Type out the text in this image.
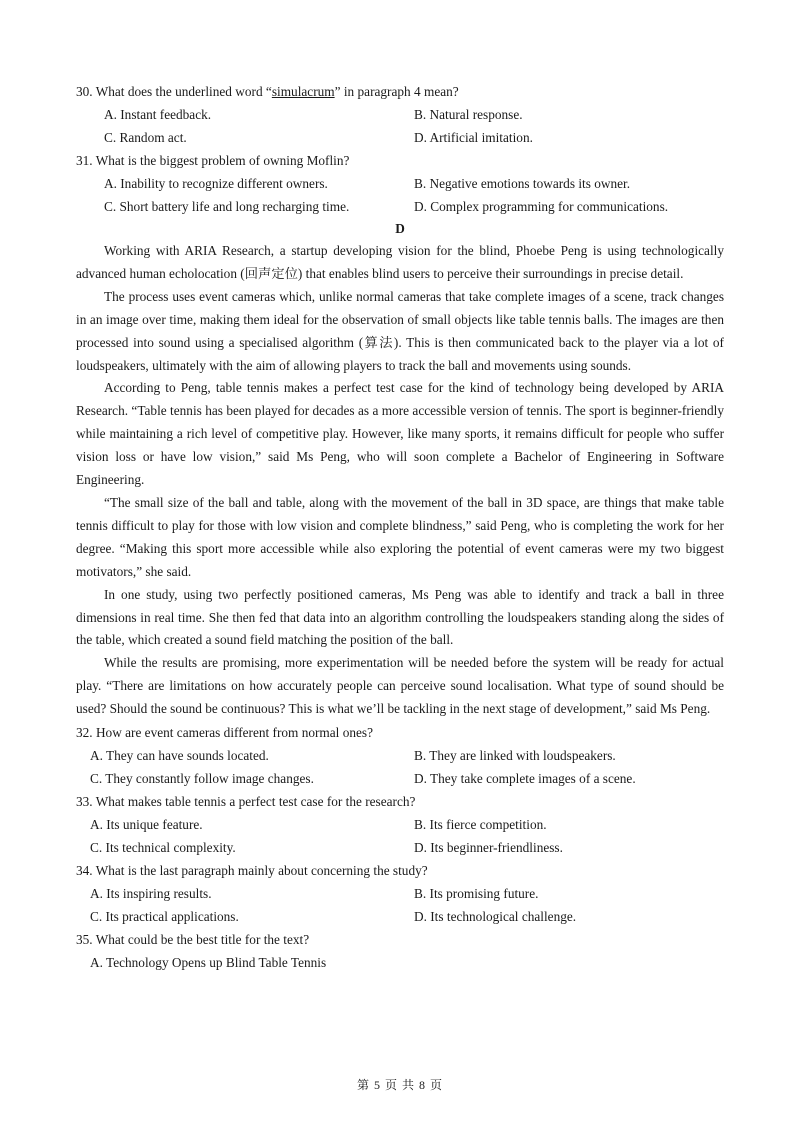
30. What does the underlined word “simulacrum” in paragraph 4 mean?
A. Instant feedback.	B. Natural response.
C. Random act.	D. Artificial imitation.
31. What is the biggest problem of owning Moflin?
A. Inability to recognize different owners.	B. Negative emotions towards its owner.
C. Short battery life and long recharging time.	D. Complex programming for communications.
D

Working with ARIA Research, a startup developing vision for the blind, Phoebe Peng is using technologically advanced human echolocation (回声定位) that enables blind users to perceive their surroundings in precise detail.

The process uses event cameras which, unlike normal cameras that take complete images of a scene, track changes in an image over time, making them ideal for the observation of small objects like table tennis balls. The images are then processed into sound using a specialised algorithm (算法). This is then communicated back to the player via a lot of loudspeakers, ultimately with the aim of allowing players to track the ball and movements using sounds.

According to Peng, table tennis makes a perfect test case for the kind of technology being developed by ARIA Research. “Table tennis has been played for decades as a more accessible version of tennis. The sport is beginner-friendly while maintaining a rich level of competitive play. However, like many sports, it remains difficult for people who suffer vision loss or have low vision,” said Ms Peng, who will soon complete a Bachelor of Engineering in Software Engineering.

“The small size of the ball and table, along with the movement of the ball in 3D space, are things that make table tennis difficult to play for those with low vision and complete blindness,” said Peng, who is completing the work for her degree. “Making this sport more accessible while also exploring the potential of event cameras were my two biggest motivators,” she said.

In one study, using two perfectly positioned cameras, Ms Peng was able to identify and track a ball in three dimensions in real time. She then fed that data into an algorithm controlling the loudspeakers standing along the sides of the table, which created a sound field matching the position of the ball.

While the results are promising, more experimentation will be needed before the system will be ready for actual play. “There are limitations on how accurately people can perceive sound localisation. What type of sound should be used? Should the sound be continuous? This is what we’ll be tackling in the next stage of development,” said Ms Peng.

32. How are event cameras different from normal ones?
A. They can have sounds located.	B. They are linked with loudspeakers.
C. They constantly follow image changes.	D. They take complete images of a scene.
33. What makes table tennis a perfect test case for the research?
A. Its unique feature.	B. Its fierce competition.
C. Its technical complexity.	D. Its beginner-friendliness.
34. What is the last paragraph mainly about concerning the study?
A. Its inspiring results.	B. Its promising future.
C. Its practical applications.	D. Its technological challenge.
35. What could be the best title for the text?
A. Technology Opens up Blind Table Tennis
第 5 页 共 8 页
